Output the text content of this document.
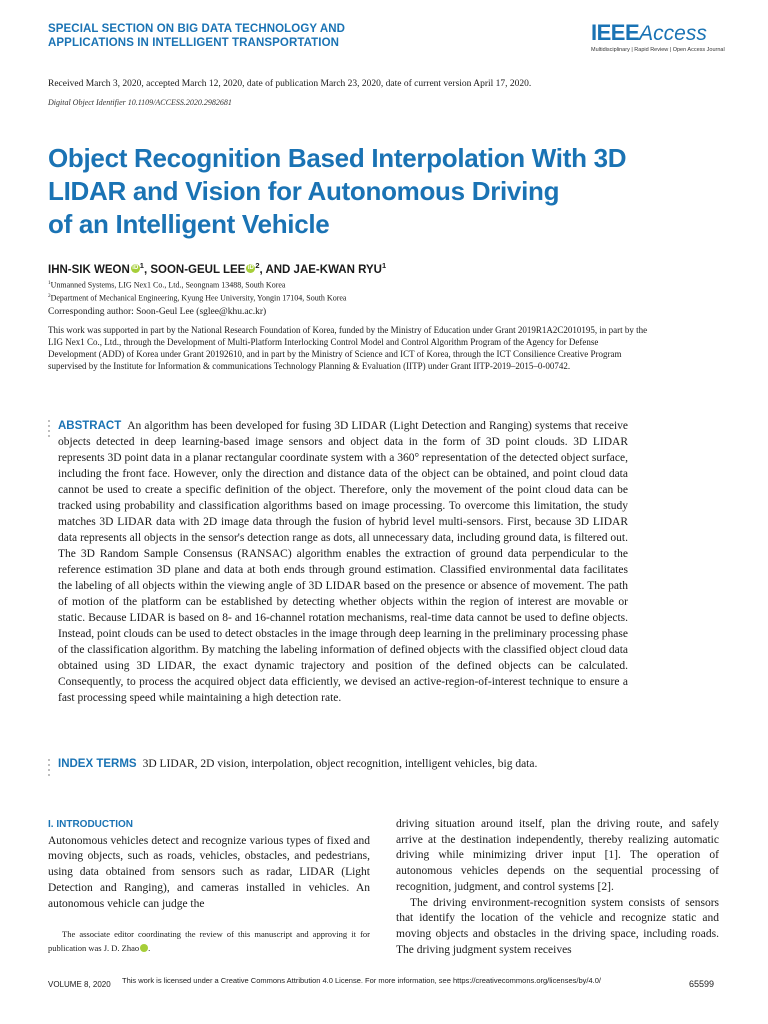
SPECIAL SECTION ON BIG DATA TECHNOLOGY AND
APPLICATIONS IN INTELLIGENT TRANSPORTATION	IEEEAccess
Multidisciplinary | Rapid Review | Open Access Journal
Received March 3, 2020, accepted March 12, 2020, date of publication March 23, 2020, date of current version April 17, 2020.
Digital Object Identifier 10.1109/ACCESS.2020.2982681
Object Recognition Based Interpolation With 3D
LIDAR and Vision for Autonomous Driving
of an Intelligent Vehicle
IHN-SIK WEON iD $^1$, SOON-GEUL LEE iD $^2$, AND JAE-KWAN RYU$^1$
$^1$Unmanned Systems, LIG Nex1 Co., Ltd., Seongnam 13488, South Korea
$^2$Department of Mechanical Engineering, Kyung Hee University, Yongin 17104, South Korea
Corresponding author: Soon-Geul Lee (sglee@khu.ac.kr)
This work was supported in part by the National Research Foundation of Korea, funded by the Ministry of Education under Grant 2019R1A2C2010195, in part by the LIG Nex1 Co., Ltd., through the Development of Multi-Platform Interlocking Control Model and Control Algorithm Program of the Agency for Defense Development (ADD) of Korea under Grant 20192610, and in part by the Ministry of Science and ICT of Korea, through the ICT Consilience Creative Program supervised by the Institute for Information & communications Technology Planning & Evaluation (IITP) under Grant IITP-2019–2015–0-00742.
ABSTRACT An algorithm has been developed for fusing 3D LIDAR (Light Detection and Ranging) systems that receive objects detected in deep learning-based image sensors and object data in the form of 3D point clouds. 3D LIDAR represents 3D point data in a planar rectangular coordinate system with a 360° representation of the detected object surface, including the front face. However, only the direction and distance data of the object can be obtained, and point cloud data cannot be used to create a specific definition of the object. Therefore, only the movement of the point cloud data can be tracked using probability and classification algorithms based on image processing. To overcome this limitation, the study matches 3D LIDAR data with 2D image data through the fusion of hybrid level multi-sensors. First, because 3D LIDAR data represents all objects in the sensor's detection range as dots, all unnecessary data, including ground data, is filtered out. The 3D Random Sample Consensus (RANSAC) algorithm enables the extraction of ground data perpendicular to the reference estimation 3D plane and data at both ends through ground estimation. Classified environmental data facilitates the labeling of all objects within the viewing angle of 3D LIDAR based on the presence or absence of movement. The path of motion of the platform can be established by detecting whether objects within the region of interest are movable or static. Because LIDAR is based on 8- and 16-channel rotation mechanisms, real-time data cannot be used to define objects. Instead, point clouds can be used to detect obstacles in the image through deep learning in the preliminary processing phase of the classification algorithm. By matching the labeling information of defined objects with the classified object cloud data obtained using 3D LIDAR, the exact dynamic trajectory and position of the defined objects can be calculated. Consequently, to process the acquired object data efficiently, we devised an active-region-of-interest technique to ensure a fast processing speed while maintaining a high detection rate.
INDEX TERMS 3D LIDAR, 2D vision, interpolation, object recognition, intelligent vehicles, big data.
I. INTRODUCTION
Autonomous vehicles detect and recognize various types of fixed and moving objects, such as roads, vehicles, obstacles, and pedestrians, using data obtained from sensors such as radar, LIDAR (Light Detection and Ranging), and cameras installed in vehicles. An autonomous vehicle can judge the

The associate editor coordinating the review of this manuscript and approving it for publication was J. D. Zhao	iD.

driving situation around itself, plan the driving route, and safely arrive at the destination independently, thereby realizing automatic driving while minimizing driver input [1]. The operation of autonomous vehicles depends on the sequential processing of recognition, judgment, and control systems [2].

The driving environment-recognition system consists of sensors that identify the location of the vehicle and recognize static and moving objects and obstacles in the driving space, including roads. The driving judgment system receives

VOLUME 8, 2020 This work is licensed under a Creative Commons Attribution 4.0 License. For more information, see https://creativecommons.org/licenses/by/4.0/	65599
